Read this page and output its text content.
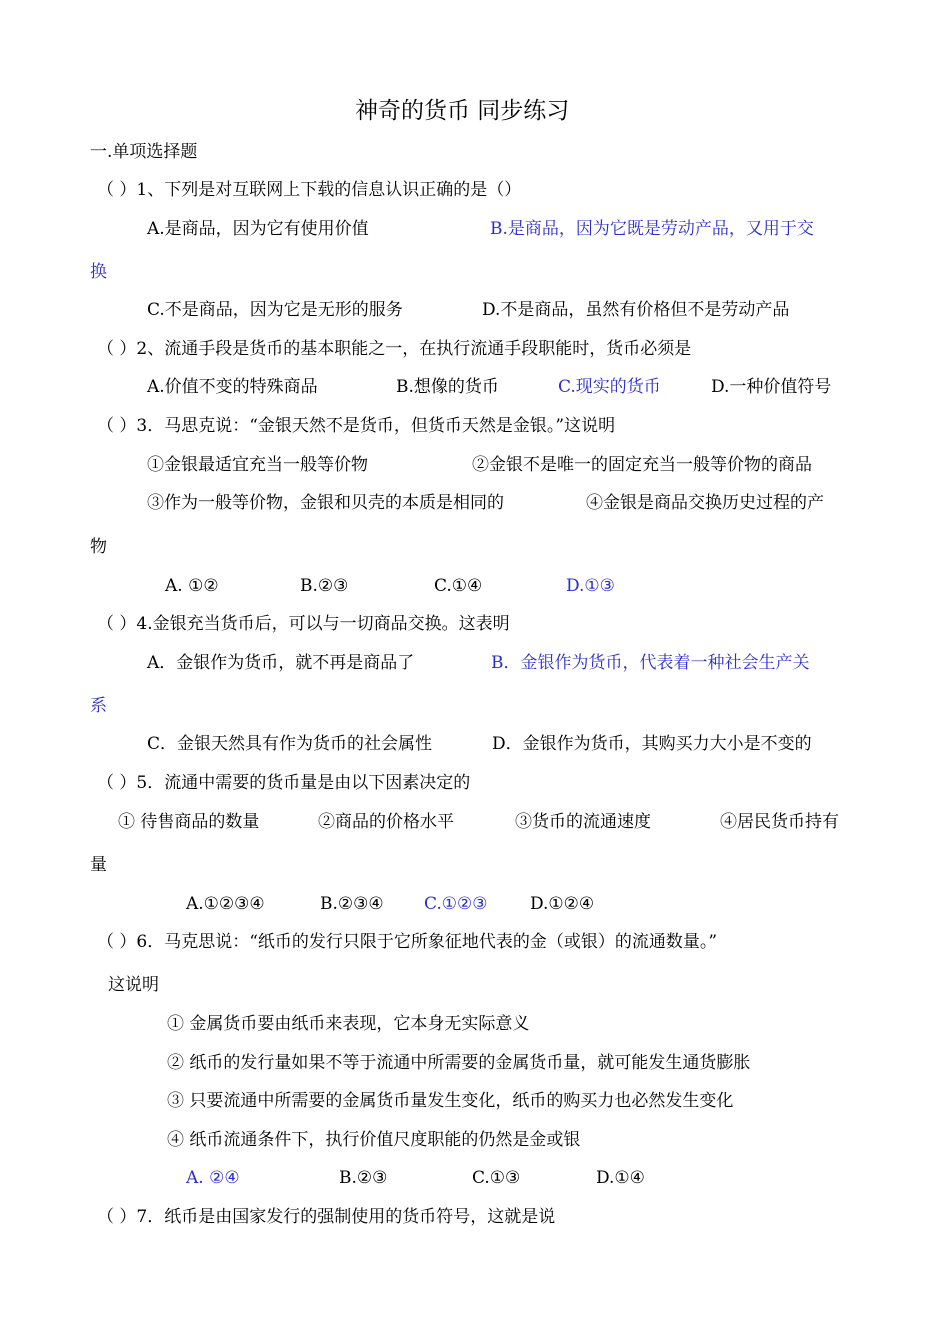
神奇的货币 同步练习
一.单项选择题
（ ）1、下列是对互联网上下载的信息认识正确的是（）
A.是商品，因为它有使用价值	B.是商品，因为它既是劳动产品，又用于交
换
C.不是商品，因为它是无形的服务	D.不是商品，虽然有价格但不是劳动产品
（ ）2、流通手段是货币的基本职能之一，在执行流通手段职能时，货币必须是
A.价值不变的特殊商品	B.想像的货币	C.现实的货币	D.一种价值符号
（ ）3．马思克说：“金银天然不是货币，但货币天然是金银。”这说明
①金银最适宜充当一般等价物	②金银不是唯一的固定充当一般等价物的商品
③作为一般等价物，金银和贝壳的本质是相同的	④金银是商品交换历史过程的产
物
A. ①②	B.②③	C.①④	D.①③
（ ）4.金银充当货币后，可以与一切商品交换。这表明
A．金银作为货币，就不再是商品了	B．金银作为货币，代表着一种社会生产关
系
C．金银天然具有作为货币的社会属性	D．金银作为货币，其购买力大小是不变的
（ ）5．流通中需要的货币量是由以下因素决定的
① 待售商品的数量	②商品的价格水平	③货币的流通速度	④居民货币持有
量
A.①②③④	B.②③④ C.①②③ D.①②④
（ ）6．马克思说：“纸币的发行只限于它所象征地代表的金（或银）的流通数量。”
这说明
① 金属货币要由纸币来表现，它本身无实际意义
② 纸币的发行量如果不等于流通中所需要的金属货币量，就可能发生通货膨胀
③ 只要流通中所需要的金属货币量发生变化，纸币的购买力也必然发生变化
④ 纸币流通条件下，执行价值尺度职能的仍然是金或银
A. ②④	B.②③	C.①③	D.①④
（ ）7．纸币是由国家发行的强制使用的货币符号，这就是说
